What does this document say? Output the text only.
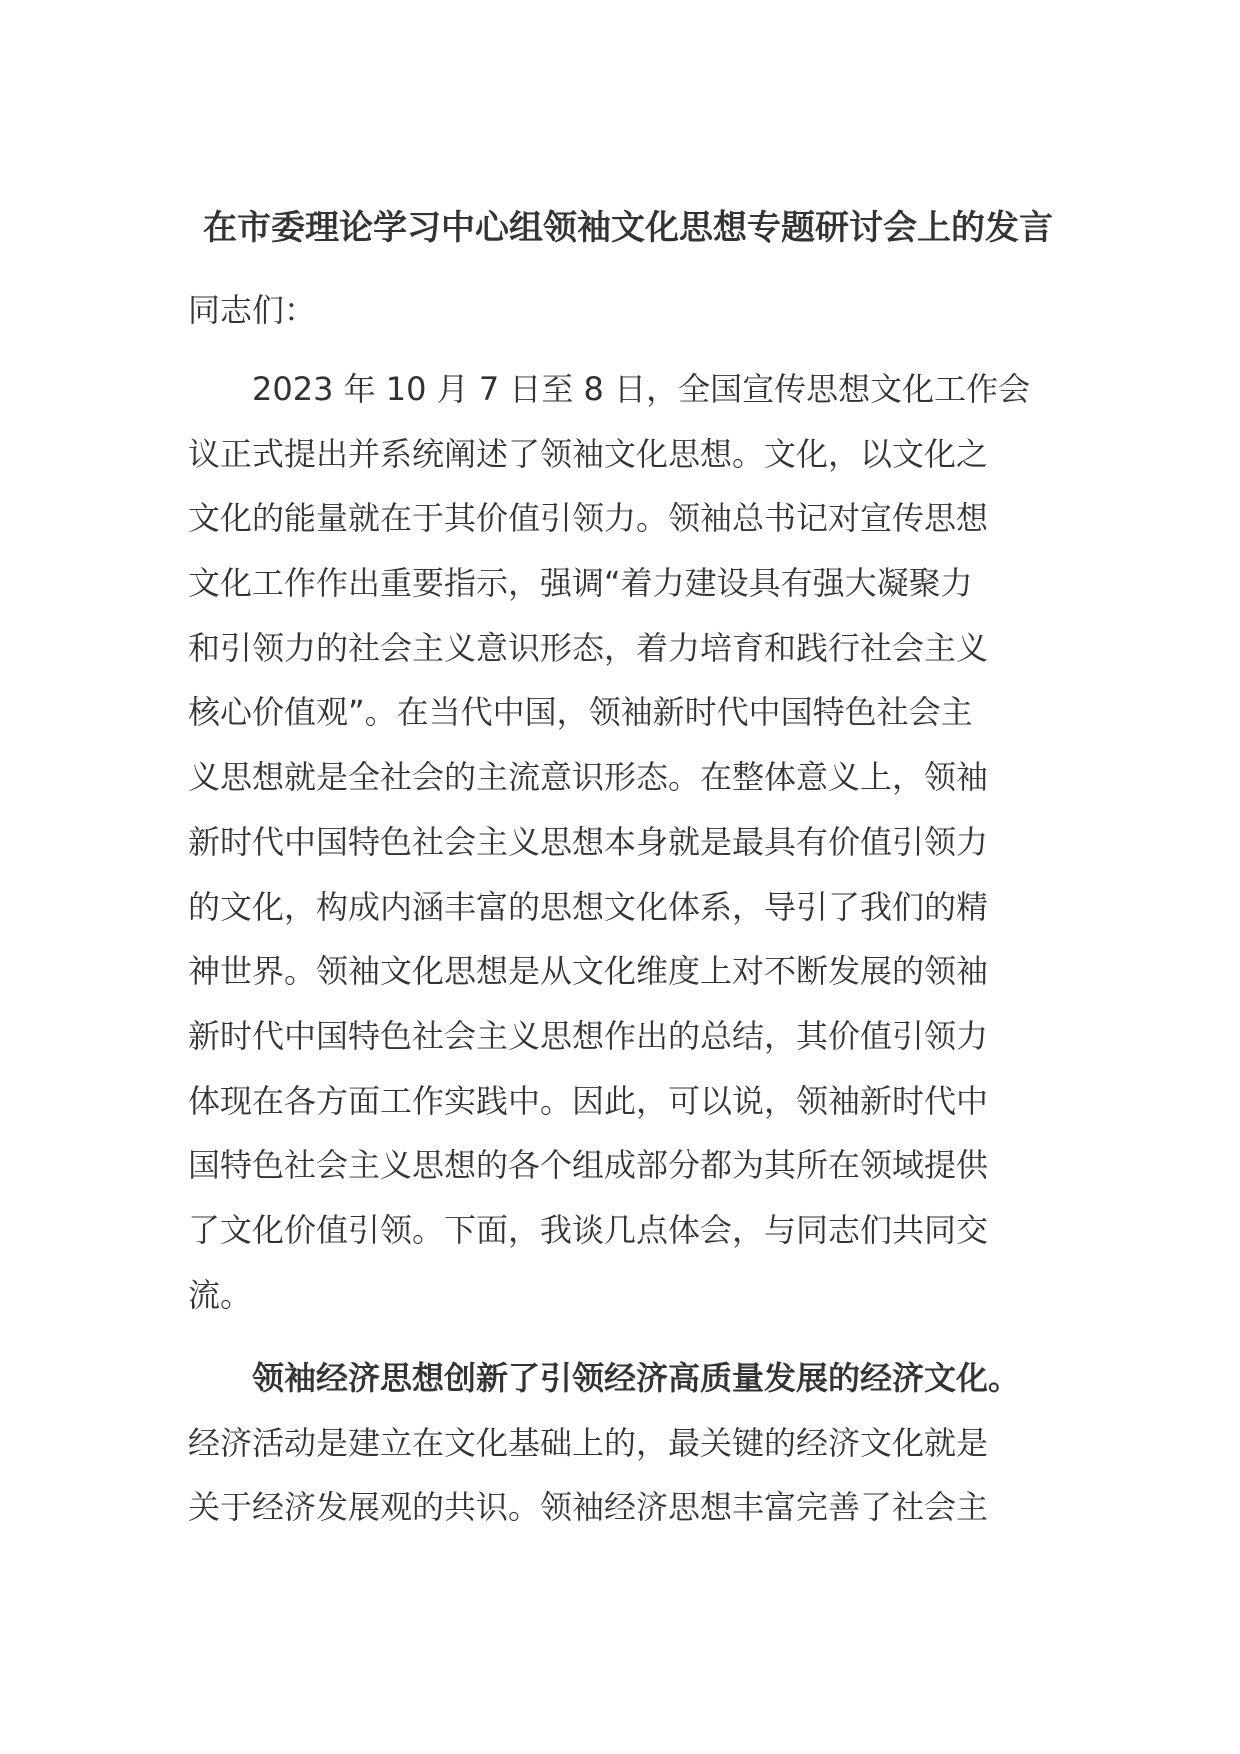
在市委理论学习中心组领袖文化思想专题研讨会上的发言

同志们：

　　2023 年 10 月 7 日至 8 日，全国宣传思想文化工作会
议正式提出并系统阐述了领袖文化思想。文化，以文化之
文化的能量就在于其价值引领力。领袖总书记对宣传思想
文化工作作出重要指示，强调“着力建设具有强大凝聚力
和引领力的社会主义意识形态，着力培育和践行社会主义
核心价值观”。在当代中国，领袖新时代中国特色社会主
义思想就是全社会的主流意识形态。在整体意义上，领袖
新时代中国特色社会主义思想本身就是最具有价值引领力
的文化，构成内涵丰富的思想文化体系，导引了我们的精
神世界。领袖文化思想是从文化维度上对不断发展的领袖
新时代中国特色社会主义思想作出的总结，其价值引领力
体现在各方面工作实践中。因此，可以说，领袖新时代中
国特色社会主义思想的各个组成部分都为其所在领域提供
了文化价值引领。下面，我谈几点体会，与同志们共同交
流。
　　领袖经济思想创新了引领经济高质量发展的经济文化。
经济活动是建立在文化基础上的，最关键的经济文化就是
关于经济发展观的共识。领袖经济思想丰富完善了社会主
